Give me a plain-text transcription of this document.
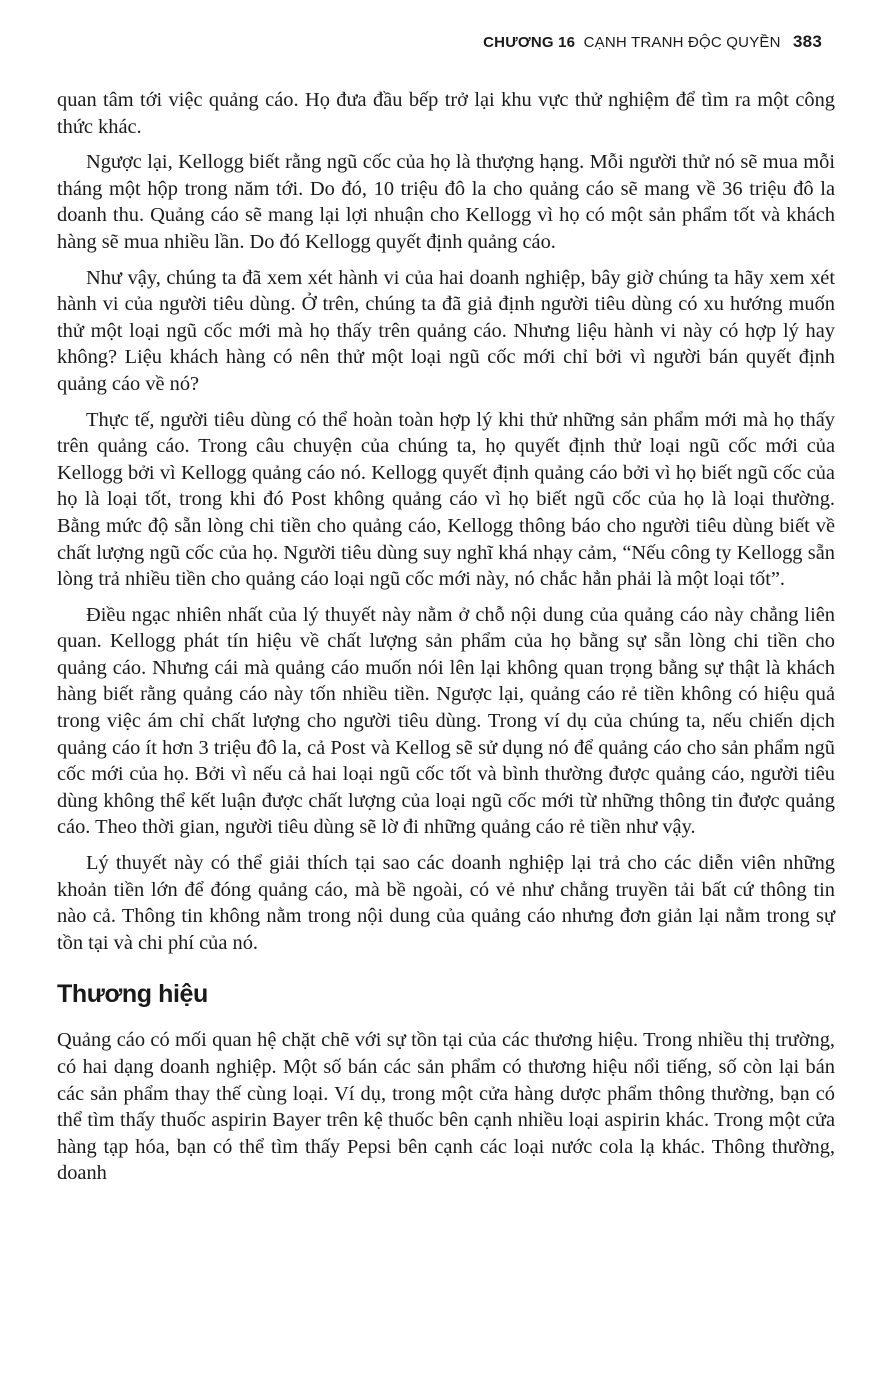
CHƯƠNG 16 CẠNH TRANH ĐỘC QUYỀN 383

quan tâm tới việc quảng cáo. Họ đưa đầu bếp trở lại khu vực thử nghiệm để tìm ra một công thức khác.

Ngược lại, Kellogg biết rằng ngũ cốc của họ là thượng hạng. Mỗi người thử nó sẽ mua mỗi tháng một hộp trong năm tới. Do đó, 10 triệu đô la cho quảng cáo sẽ mang về 36 triệu đô la doanh thu. Quảng cáo sẽ mang lại lợi nhuận cho Kellogg vì họ có một sản phẩm tốt và khách hàng sẽ mua nhiều lần. Do đó Kellogg quyết định quảng cáo.

Như vậy, chúng ta đã xem xét hành vi của hai doanh nghiệp, bây giờ chúng ta hãy xem xét hành vi của người tiêu dùng. Ở trên, chúng ta đã giả định người tiêu dùng có xu hướng muốn thử một loại ngũ cốc mới mà họ thấy trên quảng cáo. Nhưng liệu hành vi này có hợp lý hay không? Liệu khách hàng có nên thử một loại ngũ cốc mới chỉ bởi vì người bán quyết định quảng cáo về nó?

Thực tế, người tiêu dùng có thể hoàn toàn hợp lý khi thử những sản phẩm mới mà họ thấy trên quảng cáo. Trong câu chuyện của chúng ta, họ quyết định thử loại ngũ cốc mới của Kellogg bởi vì Kellogg quảng cáo nó. Kellogg quyết định quảng cáo bởi vì họ biết ngũ cốc của họ là loại tốt, trong khi đó Post không quảng cáo vì họ biết ngũ cốc của họ là loại thường. Bằng mức độ sẵn lòng chi tiền cho quảng cáo, Kellogg thông báo cho người tiêu dùng biết về chất lượng ngũ cốc của họ. Người tiêu dùng suy nghĩ khá nhạy cảm, “Nếu công ty Kellogg sẵn lòng trả nhiều tiền cho quảng cáo loại ngũ cốc mới này, nó chắc hẳn phải là một loại tốt”.

Điều ngạc nhiên nhất của lý thuyết này nằm ở chỗ nội dung của quảng cáo này chẳng liên quan. Kellogg phát tín hiệu về chất lượng sản phẩm của họ bằng sự sẵn lòng chi tiền cho quảng cáo. Nhưng cái mà quảng cáo muốn nói lên lại không quan trọng bằng sự thật là khách hàng biết rằng quảng cáo này tốn nhiều tiền. Ngược lại, quảng cáo rẻ tiền không có hiệu quả trong việc ám chỉ chất lượng cho người tiêu dùng. Trong ví dụ của chúng ta, nếu chiến dịch quảng cáo ít hơn 3 triệu đô la, cả Post và Kellog sẽ sử dụng nó để quảng cáo cho sản phẩm ngũ cốc mới của họ. Bởi vì nếu cả hai loại ngũ cốc tốt và bình thường được quảng cáo, người tiêu dùng không thể kết luận được chất lượng của loại ngũ cốc mới từ những thông tin được quảng cáo. Theo thời gian, người tiêu dùng sẽ lờ đi những quảng cáo rẻ tiền như vậy.

Lý thuyết này có thể giải thích tại sao các doanh nghiệp lại trả cho các diễn viên những khoản tiền lớn để đóng quảng cáo, mà bề ngoài, có vẻ như chẳng truyền tải bất cứ thông tin nào cả. Thông tin không nằm trong nội dung của quảng cáo nhưng đơn giản lại nằm trong sự tồn tại và chi phí của nó.

Thương hiệu

Quảng cáo có mối quan hệ chặt chẽ với sự tồn tại của các thương hiệu. Trong nhiều thị trường, có hai dạng doanh nghiệp. Một số bán các sản phẩm có thương hiệu nổi tiếng, số còn lại bán các sản phẩm thay thế cùng loại. Ví dụ, trong một cửa hàng dược phẩm thông thường, bạn có thể tìm thấy thuốc aspirin Bayer trên kệ thuốc bên cạnh nhiều loại aspirin khác. Trong một cửa hàng tạp hóa, bạn có thể tìm thấy Pepsi bên cạnh các loại nước cola lạ khác. Thông thường, doanh
